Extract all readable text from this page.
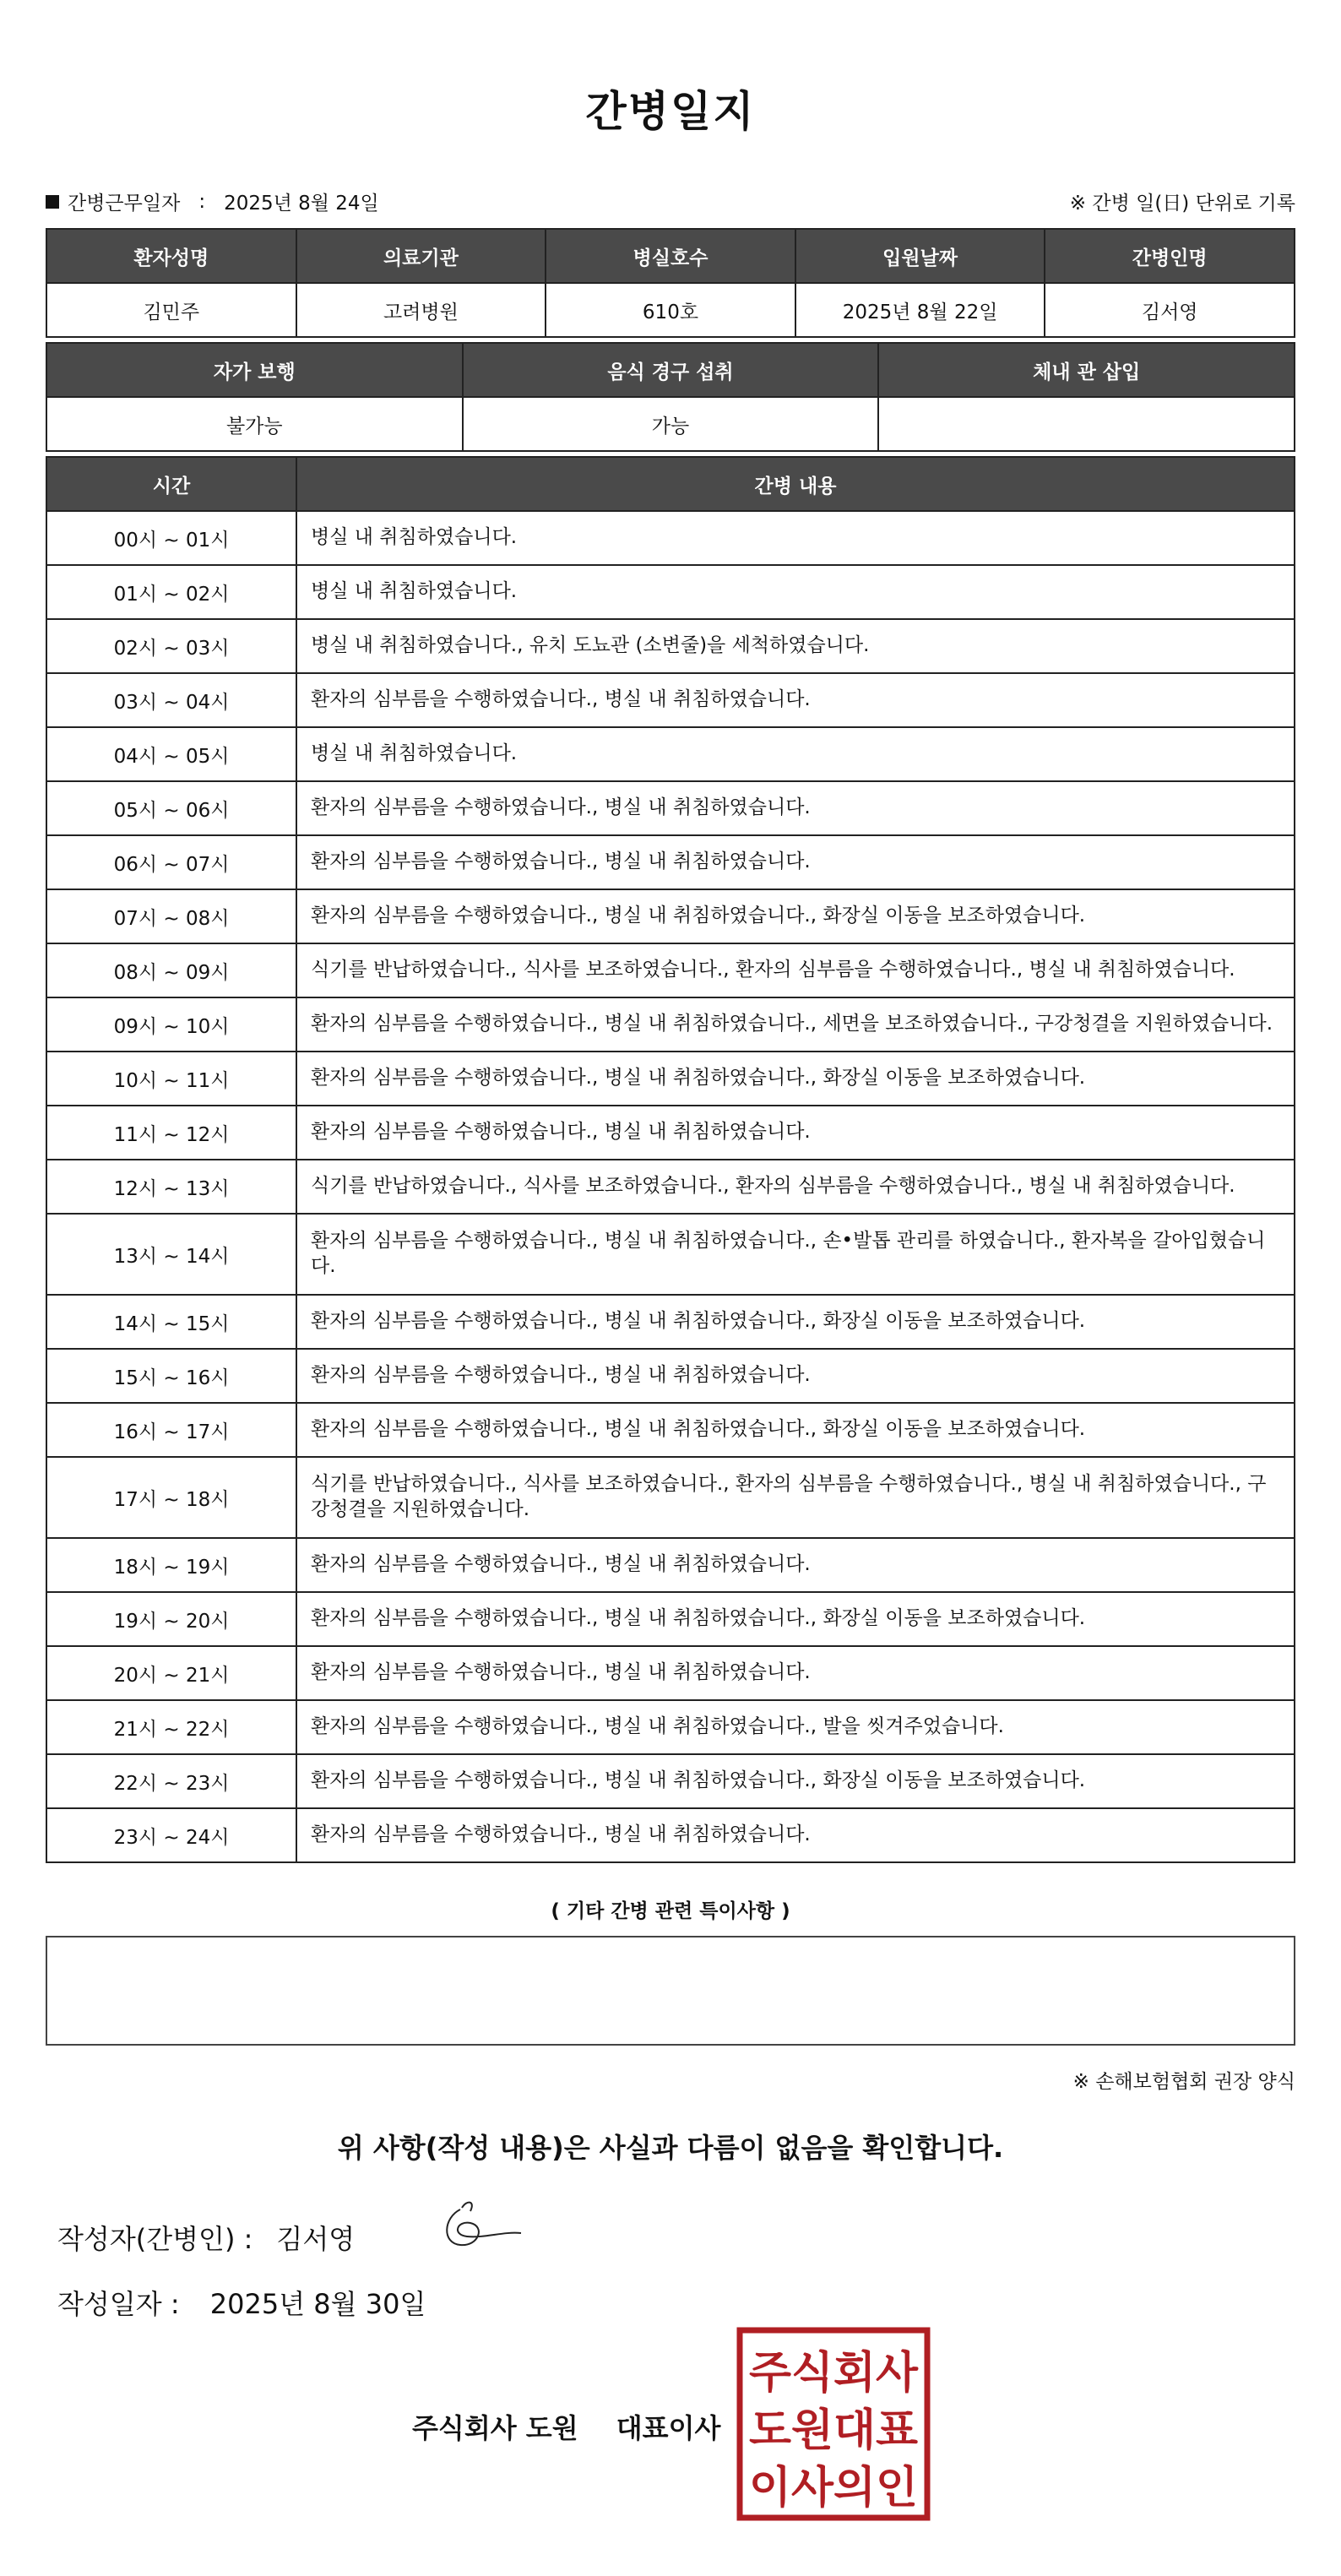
간병일지
간병근무일자 : 2025년 8월 24일	※ 간병 일(日) 단위로 기록
환자성명	의료기관	병실호수	입원날짜	간병인명
김민주	고려병원	610호	2025년 8월 22일	김서영
자가 보행	음식 경구 섭취	체내 관 삽입
불가능	가능	
시간	간병 내용
00시 ~ 01시	병실 내 취침하였습니다.
01시 ~ 02시	병실 내 취침하였습니다.
02시 ~ 03시	병실 내 취침하였습니다., 유치 도뇨관 (소변줄)을 세척하였습니다.
03시 ~ 04시	환자의 심부름을 수행하였습니다., 병실 내 취침하였습니다.
04시 ~ 05시	병실 내 취침하였습니다.
05시 ~ 06시	환자의 심부름을 수행하였습니다., 병실 내 취침하였습니다.
06시 ~ 07시	환자의 심부름을 수행하였습니다., 병실 내 취침하였습니다.
07시 ~ 08시	환자의 심부름을 수행하였습니다., 병실 내 취침하였습니다., 화장실 이동을 보조하였습니다.
08시 ~ 09시	식기를 반납하였습니다., 식사를 보조하였습니다., 환자의 심부름을 수행하였습니다., 병실 내 취침하였습니다.
09시 ~ 10시	환자의 심부름을 수행하였습니다., 병실 내 취침하였습니다., 세면을 보조하였습니다., 구강청결을 지원하였습니다.
10시 ~ 11시	환자의 심부름을 수행하였습니다., 병실 내 취침하였습니다., 화장실 이동을 보조하였습니다.
11시 ~ 12시	환자의 심부름을 수행하였습니다., 병실 내 취침하였습니다.
12시 ~ 13시	식기를 반납하였습니다., 식사를 보조하였습니다., 환자의 심부름을 수행하였습니다., 병실 내 취침하였습니다.
13시 ~ 14시	환자의 심부름을 수행하였습니다., 병실 내 취침하였습니다., 손•발톱 관리를 하였습니다., 환자복을 갈아입혔습니다.
14시 ~ 15시	환자의 심부름을 수행하였습니다., 병실 내 취침하였습니다., 화장실 이동을 보조하였습니다.
15시 ~ 16시	환자의 심부름을 수행하였습니다., 병실 내 취침하였습니다.
16시 ~ 17시	환자의 심부름을 수행하였습니다., 병실 내 취침하였습니다., 화장실 이동을 보조하였습니다.
17시 ~ 18시	식기를 반납하였습니다., 식사를 보조하였습니다., 환자의 심부름을 수행하였습니다., 병실 내 취침하였습니다., 구강청결을 지원하였습니다.
18시 ~ 19시	환자의 심부름을 수행하였습니다., 병실 내 취침하였습니다.
19시 ~ 20시	환자의 심부름을 수행하였습니다., 병실 내 취침하였습니다., 화장실 이동을 보조하였습니다.
20시 ~ 21시	환자의 심부름을 수행하였습니다., 병실 내 취침하였습니다.
21시 ~ 22시	환자의 심부름을 수행하였습니다., 병실 내 취침하였습니다., 발을 씻겨주었습니다.
22시 ~ 23시	환자의 심부름을 수행하였습니다., 병실 내 취침하였습니다., 화장실 이동을 보조하였습니다.
23시 ~ 24시	환자의 심부름을 수행하였습니다., 병실 내 취침하였습니다.
( 기타 간병 관련 특이사항 )
※ 손해보험협회 권장 양식
위 사항(작성 내용)은 사실과 다름이 없음을 확인합니다.
작성자(간병인) : 김서영
작성일자 : 2025년 8월 30일
주식회사 도원 대표이사
주식회사
도원대표
이사의인
